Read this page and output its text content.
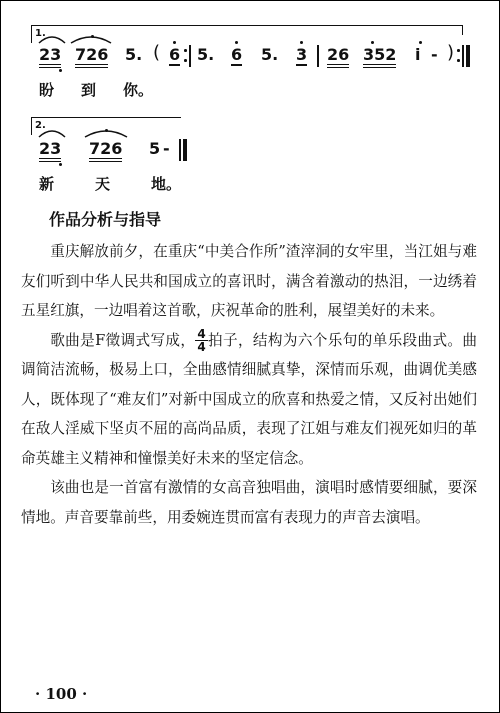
1.
23 726 5. ( 6 5. 6 5. 3 26 352 i - )
盼 到 你。
2.
23 726 5 -
新	天	地。
作品分析与指导

重庆解放前夕，在重庆“中美合作所”渣滓洞的女牢里，当江姐与难友们听到中华人民共和国成立的喜讯时，满含着激动的热泪，一边绣着五星红旗，一边唱着这首歌，庆祝革命的胜利，展望美好的未来。

歌曲是F徵调式写成， $\frac{4}{4}$ 拍子，结构为六个乐句的单乐段曲式。曲调简洁流畅，极易上口，全曲感情细腻真挚，深情而乐观，曲调优美感人，既体现了“难友们”对新中国成立的欣喜和热爱之情，又反衬出她们在敌人淫威下坚贞不屈的高尚品质，表现了江姐与难友们视死如归的革命英雄主义精神和憧憬美好未来的坚定信念。

该曲也是一首富有激情的女高音独唱曲，演唱时感情要细腻，要深情地。声音要靠前些，用委婉连贯而富有表现力的声音去演唱。

· 100 ·
